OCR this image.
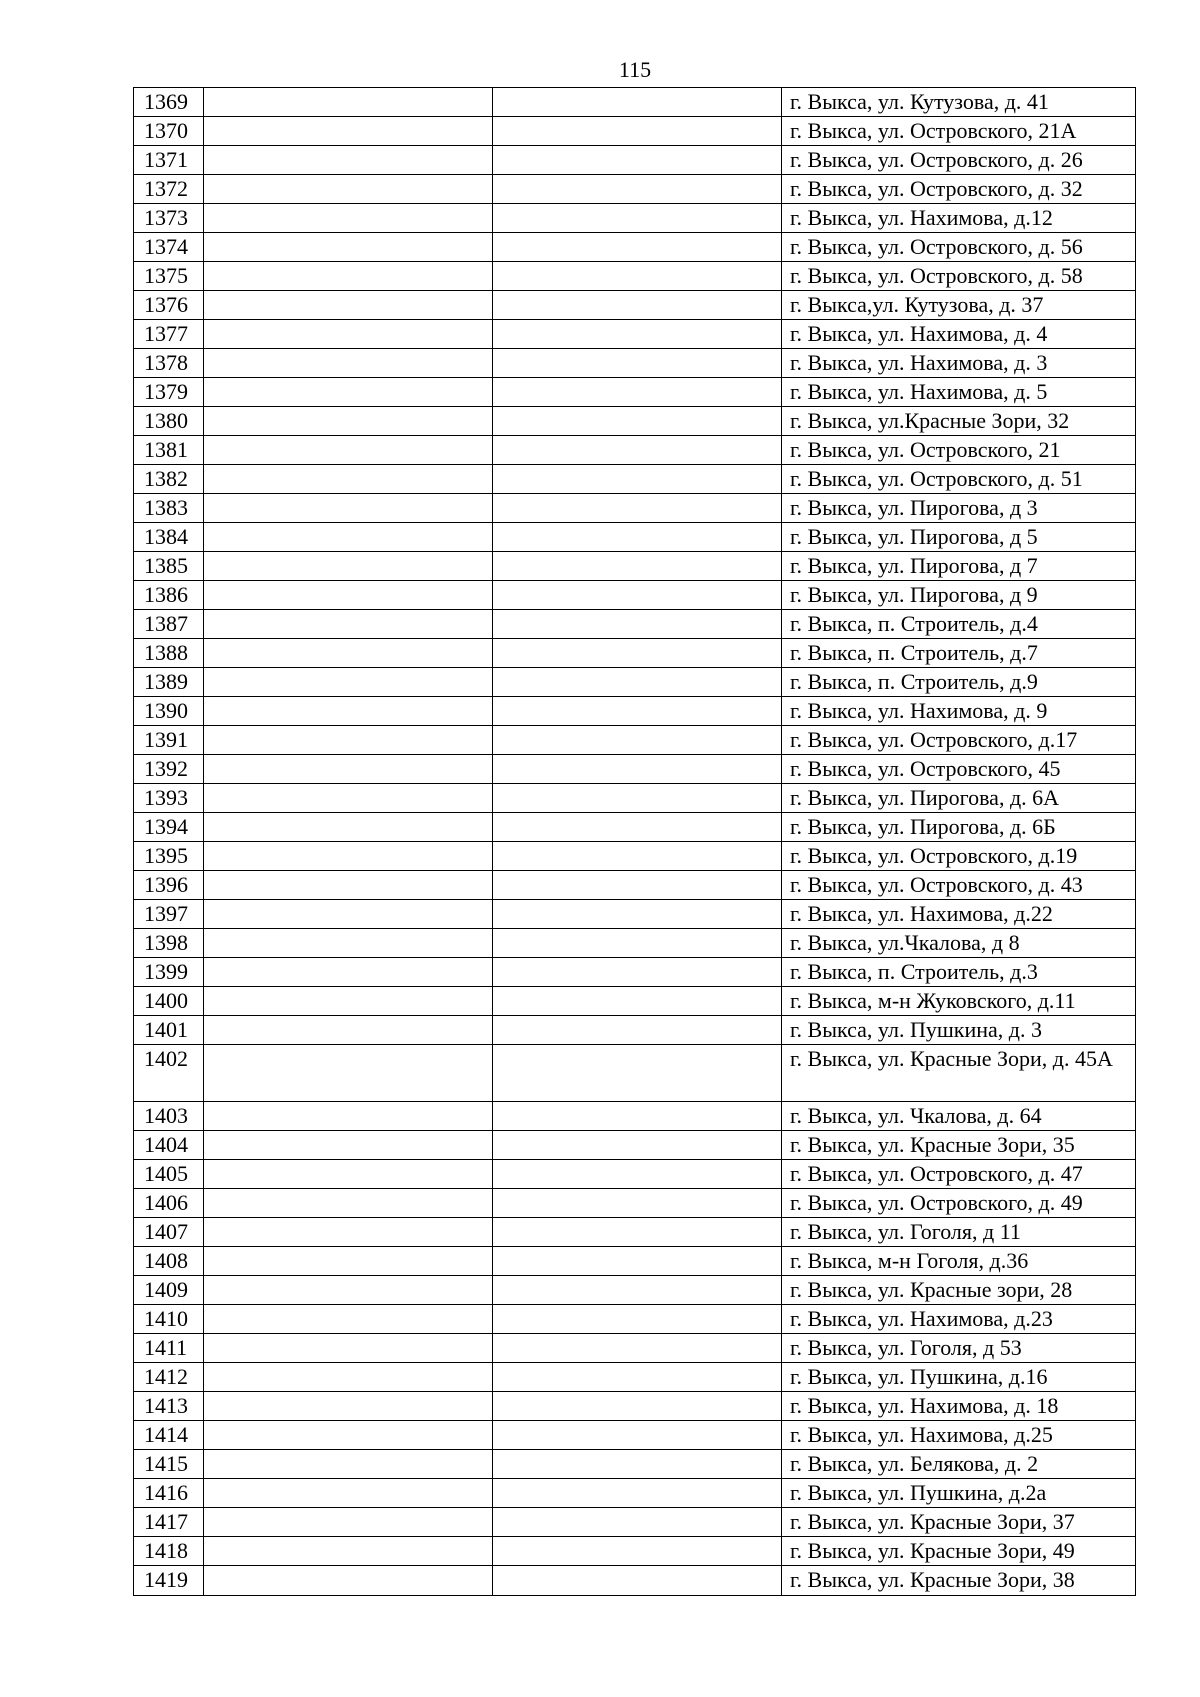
115
1369			г. Выкса, ул. Кутузова, д. 41
1370			г. Выкса, ул. Островского, 21А
1371			г. Выкса, ул. Островского, д. 26
1372			г. Выкса, ул. Островского, д. 32
1373			г. Выкса, ул. Нахимова, д.12
1374			г. Выкса, ул. Островского, д. 56
1375			г. Выкса, ул. Островского, д. 58
1376			г. Выкса,ул. Кутузова, д. 37
1377			г. Выкса, ул. Нахимова, д. 4
1378			г. Выкса, ул. Нахимова, д. 3
1379			г. Выкса, ул. Нахимова, д. 5
1380			г. Выкса, ул.Красные Зори, 32
1381			г. Выкса, ул. Островского, 21
1382			г. Выкса, ул. Островского, д. 51
1383			г. Выкса, ул. Пирогова, д 3
1384			г. Выкса, ул. Пирогова, д 5
1385			г. Выкса, ул. Пирогова, д 7
1386			г. Выкса, ул. Пирогова, д 9
1387			г. Выкса, п. Строитель, д.4
1388			г. Выкса, п. Строитель, д.7
1389			г. Выкса, п. Строитель, д.9
1390			г. Выкса, ул. Нахимова, д. 9
1391			г. Выкса, ул. Островского, д.17
1392			г. Выкса, ул. Островского, 45
1393			г. Выкса, ул. Пирогова, д. 6А
1394			г. Выкса, ул. Пирогова, д. 6Б
1395			г. Выкса, ул. Островского, д.19
1396			г. Выкса, ул. Островского, д. 43
1397			г. Выкса, ул. Нахимова, д.22
1398			г. Выкса, ул.Чкалова, д 8
1399			г. Выкса, п. Строитель, д.3
1400			г. Выкса, м-н Жуковского, д.11
1401			г. Выкса, ул. Пушкина, д. 3
1402			г. Выкса, ул. Красные Зори, д. 45А
1403			г. Выкса, ул. Чкалова, д. 64
1404			г. Выкса, ул. Красные Зори, 35
1405			г. Выкса, ул. Островского, д. 47
1406			г. Выкса, ул. Островского, д. 49
1407			г. Выкса, ул. Гоголя, д 11
1408			г. Выкса, м-н Гоголя, д.36
1409			г. Выкса, ул. Красные зори, 28
1410			г. Выкса, ул. Нахимова, д.23
1411			г. Выкса, ул. Гоголя, д 53
1412			г. Выкса, ул. Пушкина, д.16
1413			г. Выкса, ул. Нахимова, д. 18
1414			г. Выкса, ул. Нахимова, д.25
1415			г. Выкса, ул. Белякова, д. 2
1416			г. Выкса, ул. Пушкина, д.2а
1417			г. Выкса, ул. Красные Зори, 37
1418			г. Выкса, ул. Красные Зори, 49
1419			г. Выкса, ул. Красные Зори, 38
